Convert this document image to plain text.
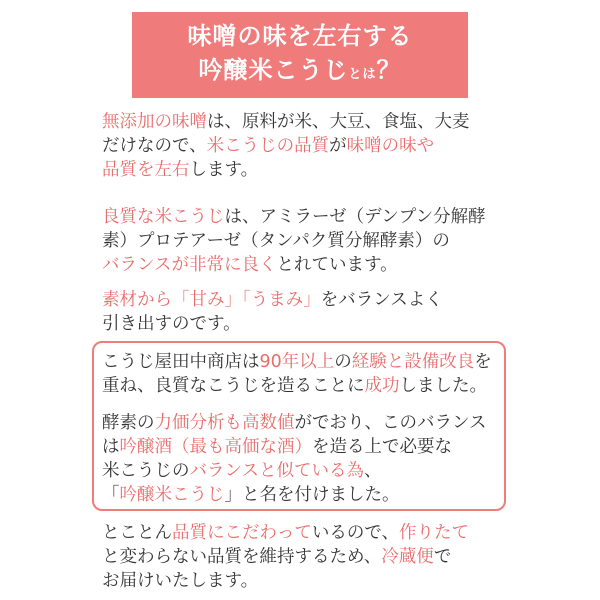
味噌の味を左右する
吟醸米こうじとは？
無添加の味噌は、原料が米、大豆、食塩、大麦
だけなので、米こうじの品質が味噌の味や
品質を左右します。
良質な米こうじは、アミラーゼ（デンプン分解酵
素）プロテアーゼ（タンパク質分解酵素）の
バランスが非常に良くとれています。
素材から「甘み」「うまみ」をバランスよく
引き出すのです。
こうじ屋田中商店は90年以上の経験と設備改良を
重ね、良質なこうじを造ることに成功しました。
酵素の力価分析も高数値がでおり、このバランス
は吟醸酒（最も高価な酒）を造る上で必要な
米こうじのバランスと似ている為、
「吟醸米こうじ」と名を付けました。
とことん品質にこだわっているので、作りたて
と変わらない品質を維持するため、冷蔵便で
お届けいたします。
